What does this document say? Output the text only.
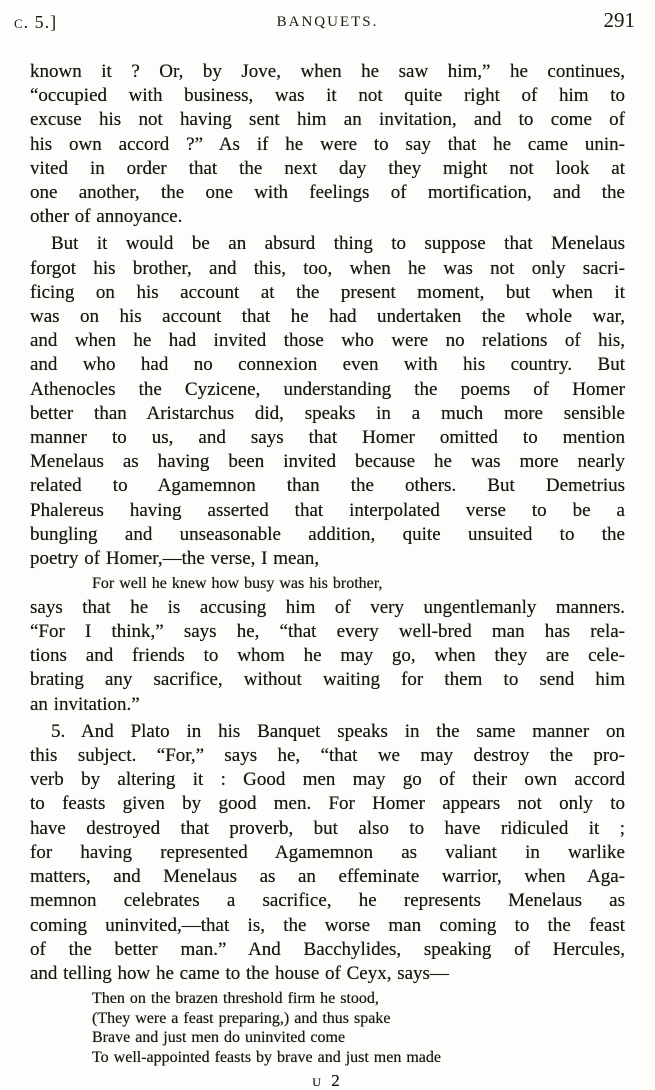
c. 5.]	BANQUETS.	291
known it ? Or, by Jove, when he saw him,” he continues,
“occupied with business, was it not quite right of him to
excuse his not having sent him an invitation, and to come of
his own accord ?” As if he were to say that he came unin-
vited in order that the next day they might not look at
one another, the one with feelings of mortification, and the
other of annoyance.
But it would be an absurd thing to suppose that Menelaus
forgot his brother, and this, too, when he was not only sacri-
ficing on his account at the present moment, but when it
was on his account that he had undertaken the whole war,
and when he had invited those who were no relations of his,
and who had no connexion even with his country. But
Athenocles the Cyzicene, understanding the poems of Homer
better than Aristarchus did, speaks in a much more sensible
manner to us, and says that Homer omitted to mention
Menelaus as having been invited because he was more nearly
related to Agamemnon than the others. But Demetrius
Phalereus having asserted that interpolated verse to be a
bungling and unseasonable addition, quite unsuited to the
poetry of Homer,—the verse, I mean,
For well he knew how busy was his brother,
says that he is accusing him of very ungentlemanly manners.
“For I think,” says he, “that every well-bred man has rela-
tions and friends to whom he may go, when they are cele-
brating any sacrifice, without waiting for them to send him
an invitation.”
5. And Plato in his Banquet speaks in the same manner on
this subject. “For,” says he, “that we may destroy the pro-
verb by altering it : Good men may go of their own accord
to feasts given by good men. For Homer appears not only to
have destroyed that proverb, but also to have ridiculed it ;
for having represented Agamemnon as valiant in warlike
matters, and Menelaus as an effeminate warrior, when Aga-
memnon celebrates a sacrifice, he represents Menelaus as
coming uninvited,—that is, the worse man coming to the feast
of the better man.” And Bacchylides, speaking of Hercules,
and telling how he came to the house of Ceyx, says—
Then on the brazen threshold firm he stood,
(They were a feast preparing,) and thus spake
Brave and just men do uninvited come
To well-appointed feasts by brave and just men made
u 2
